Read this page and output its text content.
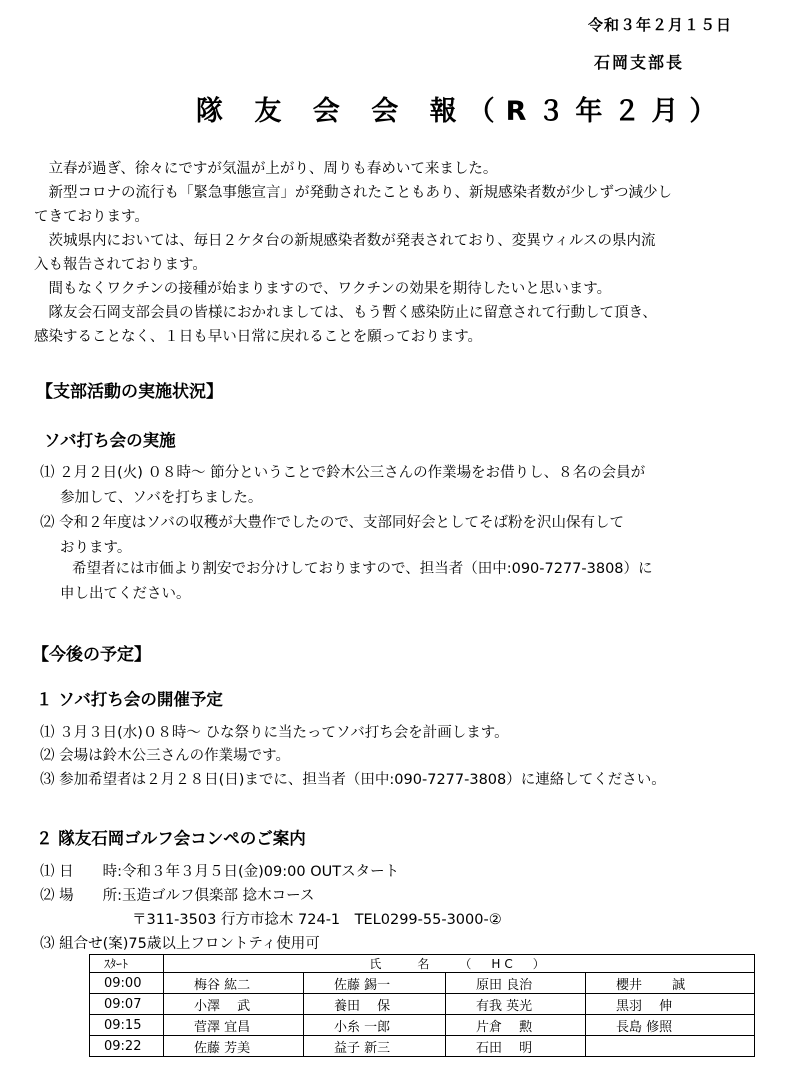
令和３年２月１５日
石岡支部長
隊 友 会 会 報（R３年２月）
　立春が過ぎ、徐々にですが気温が上がり、周りも春めいて来ました。
　新型コロナの流行も「緊急事態宣言」が発動されたこともあり、新規感染者数が少しずつ減少し
てきております。
　茨城県内においては、毎日２ケタ台の新規感染者数が発表されており、変異ウィルスの県内流
入も報告されております。
　間もなくワクチンの接種が始まりますので、ワクチンの効果を期待したいと思います。
　隊友会石岡支部会員の皆様におかれましては、もう暫く感染防止に留意されて行動して頂き、
感染することなく、１日も早い日常に戻れることを願っております。
【支部活動の実施状況】
ソバ打ち会の実施
⑴ ２月２日(火) ０８時～ 節分ということで鈴木公三さんの作業場をお借りし、８名の会員が
参加して、ソバを打ちました。
⑵ 令和２年度はソバの収穫が大豊作でしたので、支部同好会としてそば粉を沢山保有して
おります。
希望者には市価より割安でお分けしておりますので、担当者（田中:090-7277-3808）に
申し出てください。
【今後の予定】
１ ソバ打ち会の開催予定
⑴ ３月３日(水)０８時～ ひな祭りに当たってソバ打ち会を計画します。
⑵ 会場は鈴木公三さんの作業場です。
⑶ 参加希望者は２月２８日(日)までに、担当者（田中:090-7277-3808）に連絡してください。
２ 隊友石岡ゴルフ会コンペのご案内
⑴ 日　　時:令和３年３月５日(金)09:00 OUTスタート
⑵ 場　　所:玉造ゴルフ倶楽部 捻木コース
〒311-3503 行方市捻木 724-1　TEL0299-55-3000-②
⑶ 組合せ(案)75歳以上フロントティ使用可
ｽﾀｰﾄ	氏　　名　　（　HC　）			
09:00	梅谷 紘二	佐藤 錫一	原田 良治	櫻井　　 誠
09:07	小澤　 武	養田　 保	有我 英光	黒羽　 伸
09:15	菅澤 宜昌	小糸 一郎	片倉　 勲	長島 修照
09:22	佐藤 芳美	益子 新三	石田　 明	
